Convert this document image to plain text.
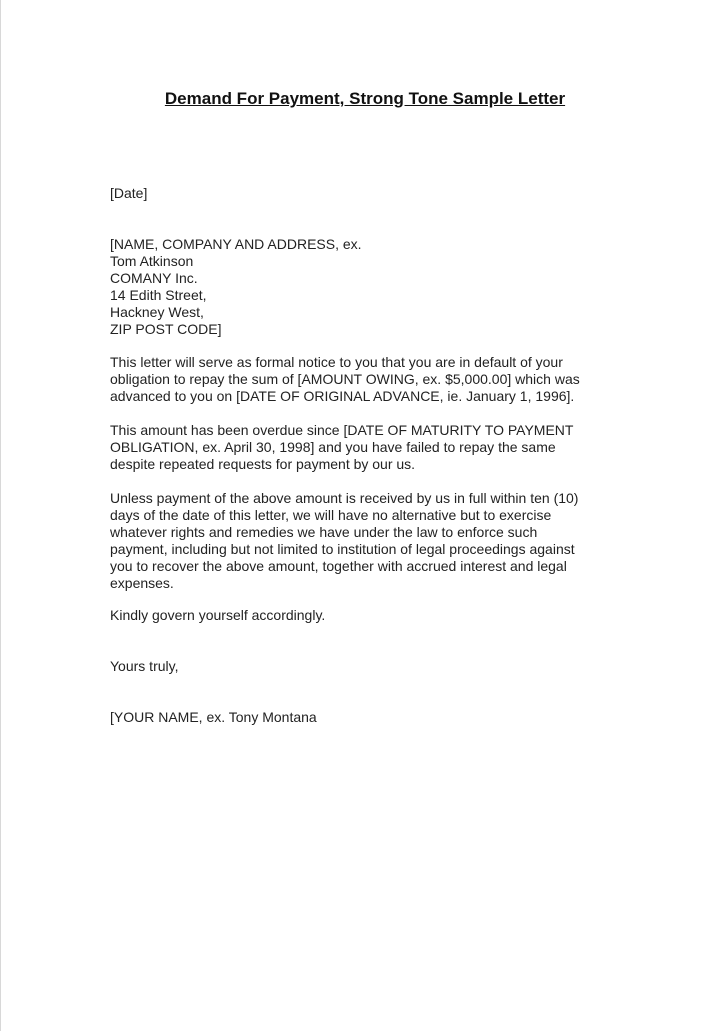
Demand For Payment, Strong Tone Sample Letter

[Date]

[NAME, COMPANY AND ADDRESS, ex.
Tom Atkinson
COMANY Inc.
14 Edith Street,
Hackney West,
ZIP POST CODE]
This letter will serve as formal notice to you that you are in default of your
obligation to repay the sum of [AMOUNT OWING, ex. $5,000.00] which was
advanced to you on [DATE OF ORIGINAL ADVANCE, ie. January 1, 1996].
This amount has been overdue since [DATE OF MATURITY TO PAYMENT
OBLIGATION, ex. April 30, 1998] and you have failed to repay the same
despite repeated requests for payment by our us.
Unless payment of the above amount is received by us in full within ten (10)
days of the date of this letter, we will have no alternative but to exercise
whatever rights and remedies we have under the law to enforce such
payment, including but not limited to institution of legal proceedings against
you to recover the above amount, together with accrued interest and legal
expenses.

Kindly govern yourself accordingly.

Yours truly,

[YOUR NAME, ex. Tony Montana
